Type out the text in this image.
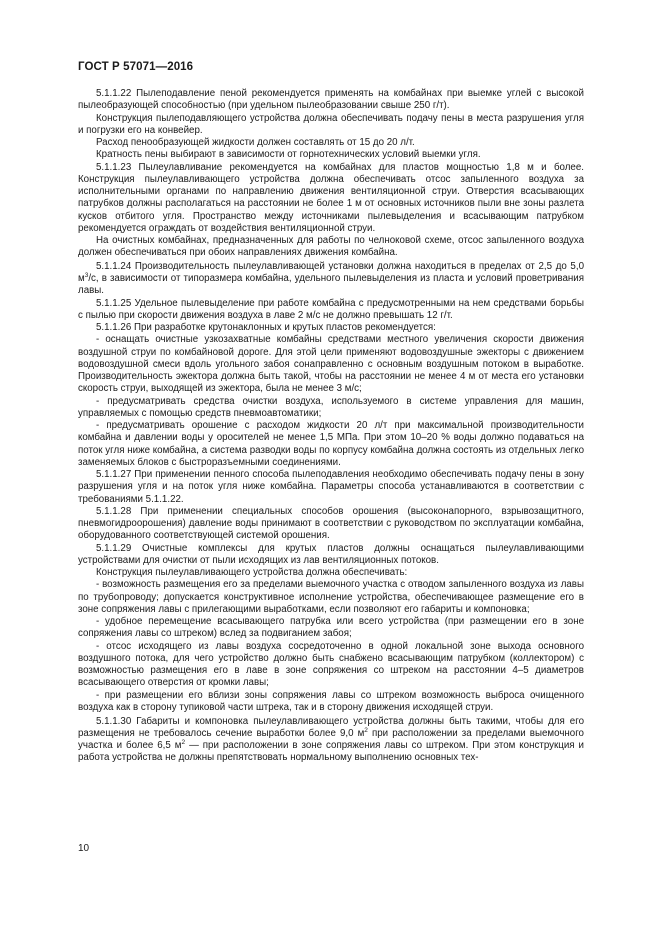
ГОСТ Р 57071—2016

5.1.1.22 Пылеподавление пеной рекомендуется применять на комбайнах при выемке углей с высокой пылеобразующей способностью (при удельном пылеобразовании свыше 250 г/т).

Конструкция пылеподавляющего устройства должна обеспечивать подачу пены в места разрушения угля и погрузки его на конвейер.

Расход пенообразующей жидкости должен составлять от 15 до 20 л/т.

Кратность пены выбирают в зависимости от горнотехнических условий выемки угля.

5.1.1.23 Пылеулавливание рекомендуется на комбайнах для пластов мощностью 1,8 м и более. Конструкция пылеулавливающего устройства должна обеспечивать отсос запыленного воздуха за исполнительными органами по направлению движения вентиляционной струи. Отверстия всасывающих патрубков должны располагаться на расстоянии не более 1 м от основных источников пыли вне зоны разлета кусков отбитого угля. Пространство между источниками пылевыделения и всасывающим патрубком рекомендуется ограждать от воздействия вентиляционной струи.

На очистных комбайнах, предназначенных для работы по челноковой схеме, отсос запыленного воздуха должен обеспечиваться при обоих направлениях движения комбайна.

5.1.1.24 Производительность пылеулавливающей установки должна находиться в пределах от 2,5 до 5,0 $м^3/с$, в зависимости от типоразмера комбайна, удельного пылевыделения из пласта и условий проветривания лавы.

5.1.1.25 Удельное пылевыделение при работе комбайна с предусмотренными на нем средствами борьбы с пылью при скорости движения воздуха в лаве 2 м/с не должно превышать 12 г/т.

5.1.1.26 При разработке крутонаклонных и крутых пластов рекомендуется:

- оснащать очистные узкозахватные комбайны средствами местного увеличения скорости движения воздушной струи по комбайновой дороге. Для этой цели применяют водовоздушные эжекторы с движением водовоздушной смеси вдоль угольного забоя сонаправленно с основным воздушным потоком в выработке. Производительность эжектора должна быть такой, чтобы на расстоянии не менее 4 м от места его установки скорость струи, выходящей из эжектора, была не менее 3 м/с;

- предусматривать средства очистки воздуха, используемого в системе управления для машин, управляемых с помощью средств пневмоавтоматики;

- предусматривать орошение с расходом жидкости 20 л/т при максимальной производительности комбайна и давлении воды у оросителей не менее 1,5 МПа. При этом 10–20 % воды должно подаваться на поток угля ниже комбайна, а система разводки воды по корпусу комбайна должна состоять из отдельных легко заменяемых блоков с быстроразъемными соединениями.

5.1.1.27 При применении пенного способа пылеподавления необходимо обеспечивать подачу пены в зону разрушения угля и на поток угля ниже комбайна. Параметры способа устанавливаются в соответствии с требованиями 5.1.1.22.

5.1.1.28 При применении специальных способов орошения (высоконапорного, взрывозащитного, пневмогидроорошения) давление воды принимают в соответствии с руководством по эксплуатации комбайна, оборудованного соответствующей системой орошения.

5.1.1.29 Очистные комплексы для крутых пластов должны оснащаться пылеулавливающими устройствами для очистки от пыли исходящих из лав вентиляционных потоков.

Конструкция пылеулавливающего устройства должна обеспечивать:

- возможность размещения его за пределами выемочного участка с отводом запыленного воздуха из лавы по трубопроводу; допускается конструктивное исполнение устройства, обеспечивающее размещение его в зоне сопряжения лавы с прилегающими выработками, если позволяют его габариты и компоновка;

- удобное перемещение всасывающего патрубка или всего устройства (при размещении его в зоне сопряжения лавы со штреком) вслед за подвиганием забоя;

- отсос исходящего из лавы воздуха сосредоточенно в одной локальной зоне выхода основного воздушного потока, для чего устройство должно быть снабжено всасывающим патрубком (коллектором) с возможностью размещения его в лаве в зоне сопряжения со штреком на расстоянии 4–5 диаметров всасывающего отверстия от кромки лавы;

- при размещении его вблизи зоны сопряжения лавы со штреком возможность выброса очищенного воздуха как в сторону тупиковой части штрека, так и в сторону движения исходящей струи.

5.1.1.30 Габариты и компоновка пылеулавливающего устройства должны быть такими, чтобы для его размещения не требовалось сечение выработки более 9,0 $м^2$ при расположении за пределами выемочного участка и более 6,5 $м^2$ — при расположении в зоне сопряжения лавы со штреком. При этом конструкция и работа устройства не должны препятствовать нормальному выполнению основных тех-

10
